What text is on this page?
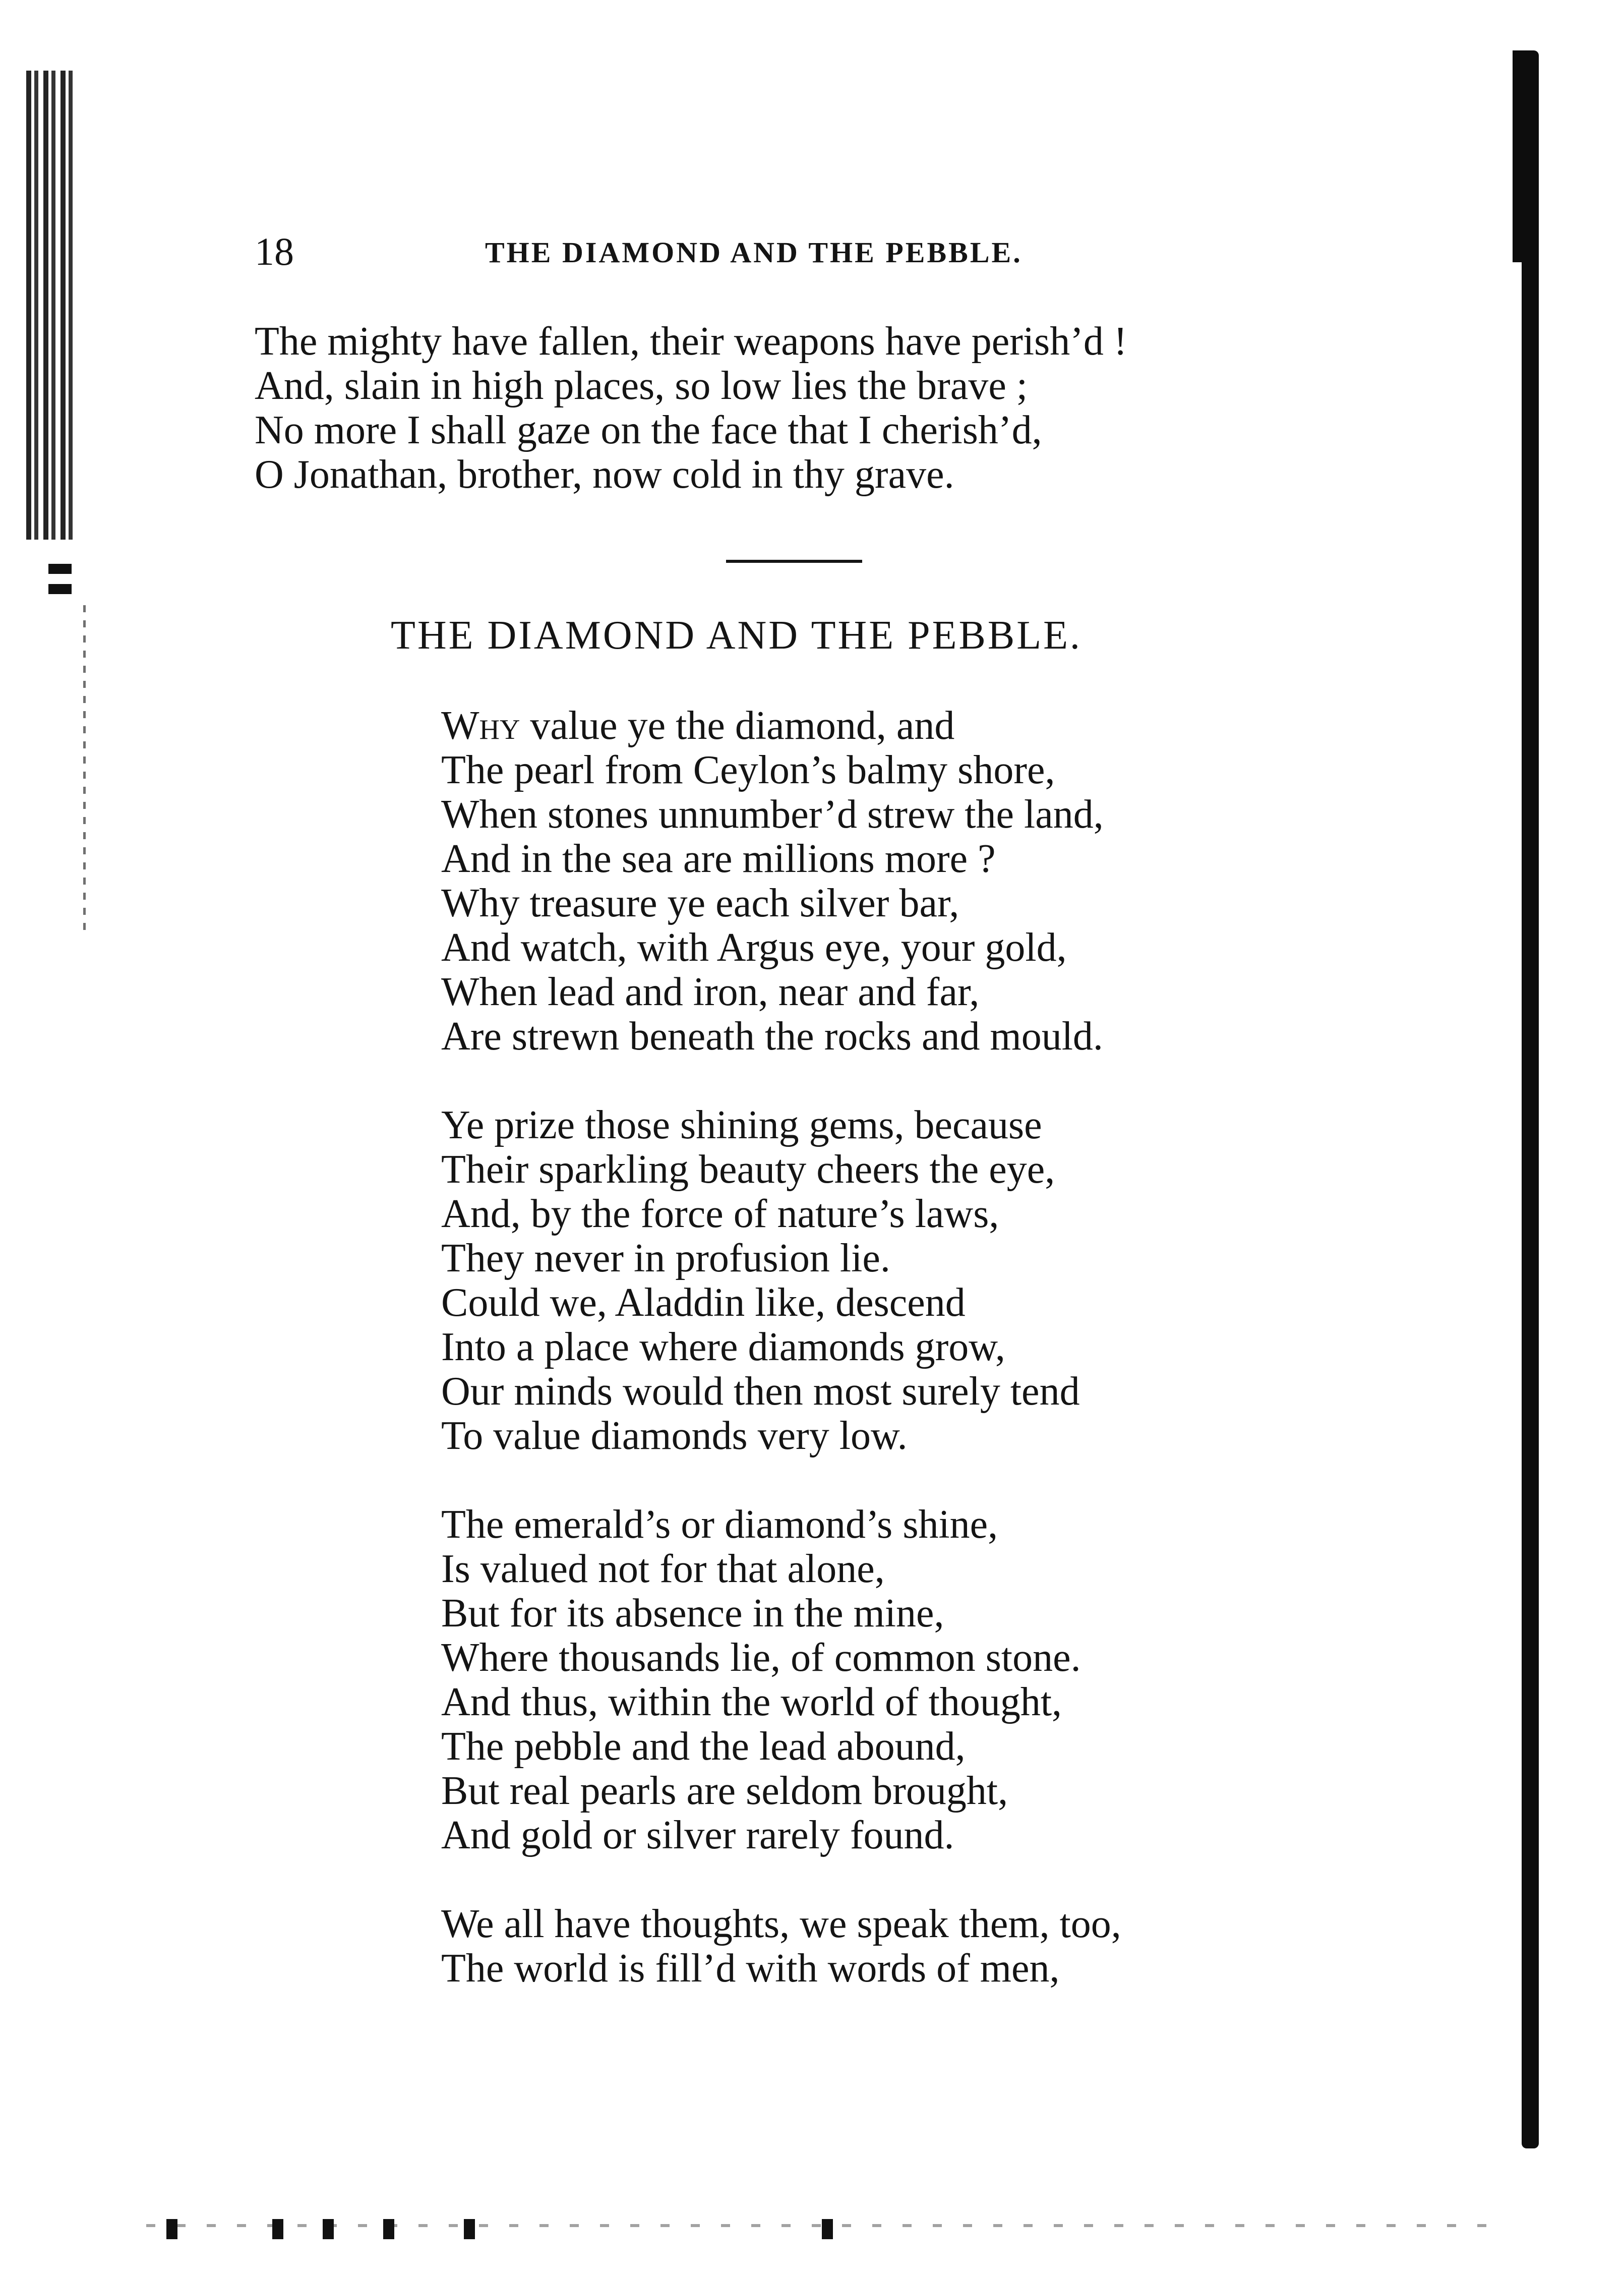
18	THE DIAMOND AND THE PEBBLE.
The mighty have fallen, their weapons have perish’d !
And, slain in high places, so low lies the brave ;
No more I shall gaze on the face that I cherish’d,
O Jonathan, brother, now cold in thy grave.
THE DIAMOND AND THE PEBBLE.
Why value ye the diamond, and
The pearl from Ceylon’s balmy shore,
When stones unnumber’d strew the land,
And in the sea are millions more ?
Why treasure ye each silver bar,
And watch, with Argus eye, your gold,
When lead and iron, near and far,
Are strewn beneath the rocks and mould.
Ye prize those shining gems, because
Their sparkling beauty cheers the eye,
And, by the force of nature’s laws,
They never in profusion lie.
Could we, Aladdin like, descend
Into a place where diamonds grow,
Our minds would then most surely tend
To value diamonds very low.
The emerald’s or diamond’s shine,
Is valued not for that alone,
But for its absence in the mine,
Where thousands lie, of common stone.
And thus, within the world of thought,
The pebble and the lead abound,
But real pearls are seldom brought,
And gold or silver rarely found.
We all have thoughts, we speak them, too,
The world is fill’d with words of men,
